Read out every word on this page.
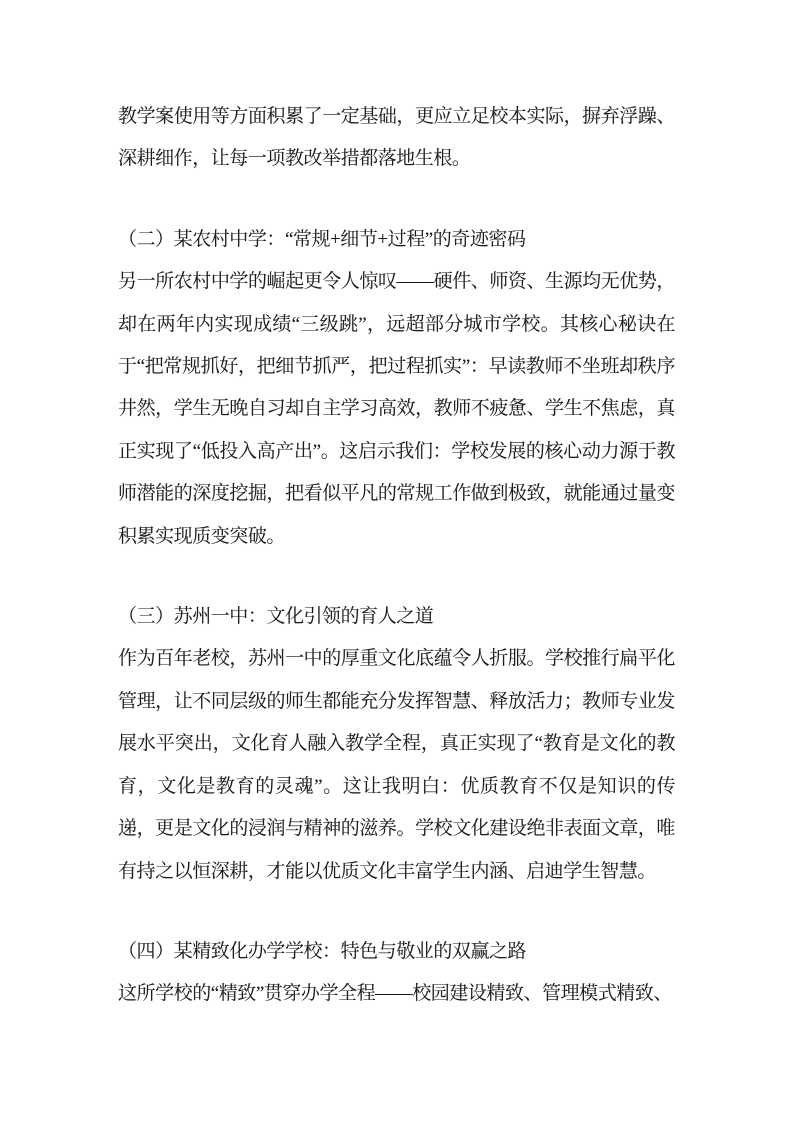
教学案使用等方面积累了一定基础，更应立足校本实际，摒弃浮躁、深耕细作，让每一项教改举措都落地生根。

（二）某农村中学：“常规+细节+过程”的奇迹密码

另一所农村中学的崛起更令人惊叹——硬件、师资、生源均无优势，却在两年内实现成绩“三级跳”，远超部分城市学校。其核心秘诀在于“把常规抓好，把细节抓严，把过程抓实”：早读教师不坐班却秩序井然，学生无晚自习却自主学习高效，教师不疲惫、学生不焦虑，真正实现了“低投入高产出”。这启示我们：学校发展的核心动力源于教师潜能的深度挖掘，把看似平凡的常规工作做到极致，就能通过量变积累实现质变突破。

（三）苏州一中：文化引领的育人之道

作为百年老校，苏州一中的厚重文化底蕴令人折服。学校推行扁平化管理，让不同层级的师生都能充分发挥智慧、释放活力；教师专业发展水平突出，文化育人融入教学全程，真正实现了“教育是文化的教育，文化是教育的灵魂”。这让我明白：优质教育不仅是知识的传递，更是文化的浸润与精神的滋养。学校文化建设绝非表面文章，唯有持之以恒深耕，才能以优质文化丰富学生内涵、启迪学生智慧。

（四）某精致化办学学校：特色与敬业的双赢之路

这所学校的“精致”贯穿办学全程——校园建设精致、管理模式精致、
